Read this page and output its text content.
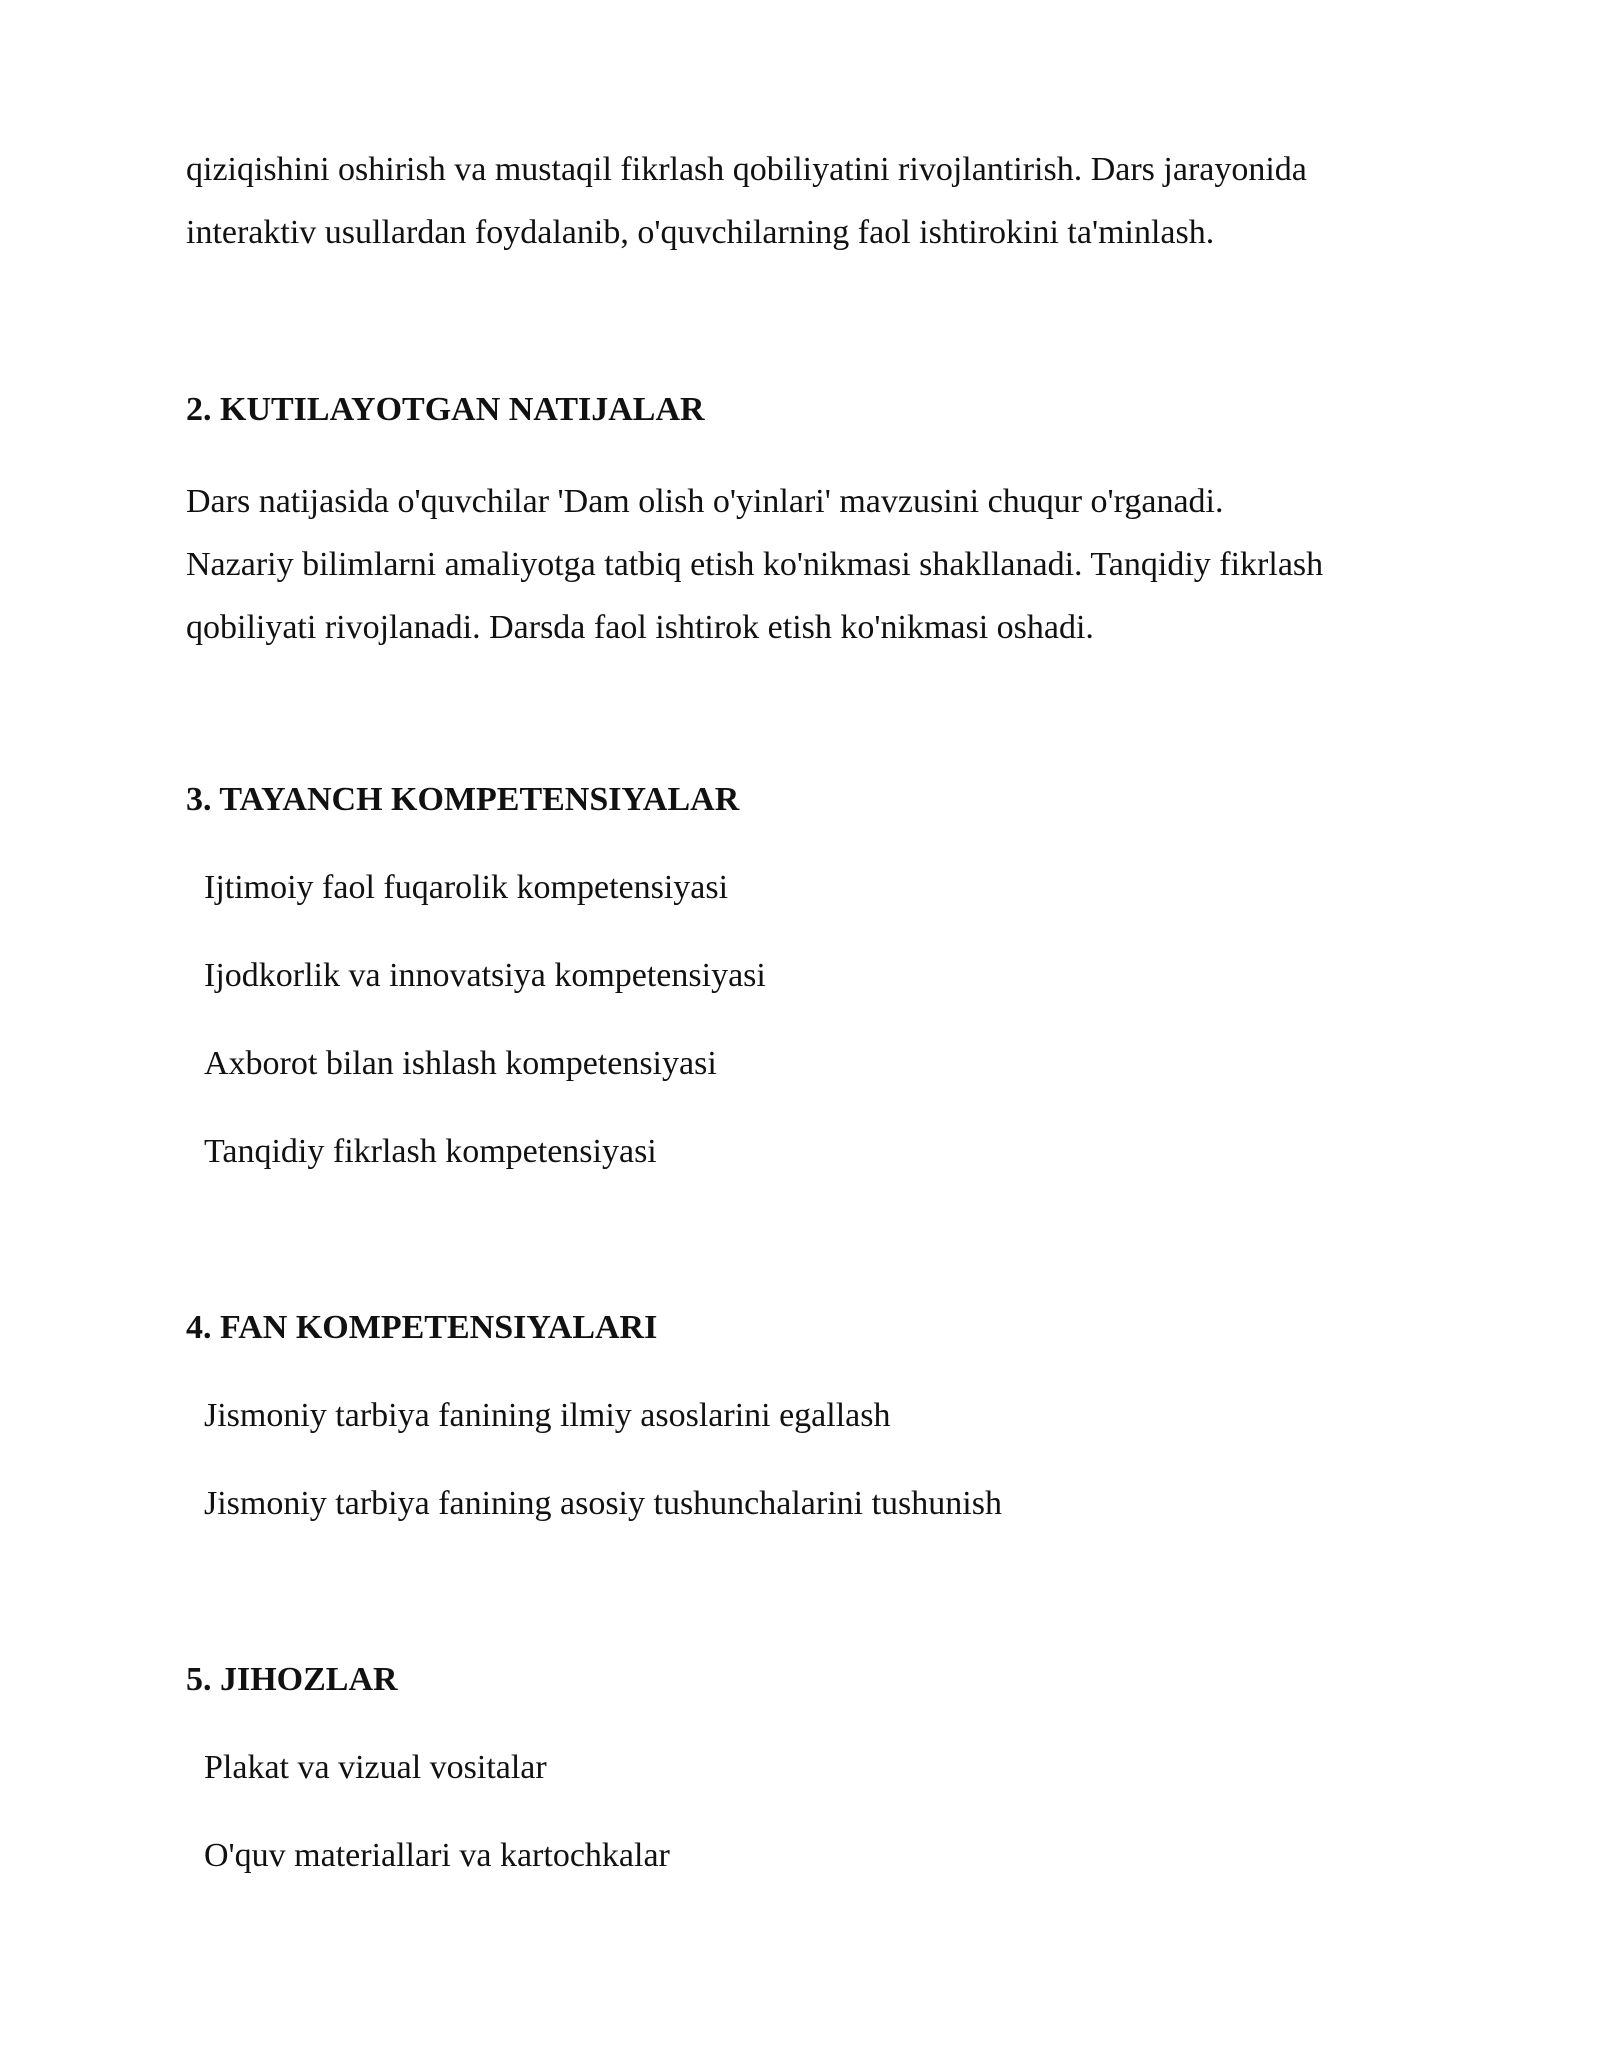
qiziqishini oshirish va mustaqil fikrlash qobiliyatini rivojlantirish. Dars jarayonida

interaktiv usullardan foydalanib, o'quvchilarning faol ishtirokini ta'minlash.

2. KUTILAYOTGAN NATIJALAR

Dars natijasida o'quvchilar 'Dam olish o'yinlari' mavzusini chuqur o'rganadi.

Nazariy bilimlarni amaliyotga tatbiq etish ko'nikmasi shakllanadi. Tanqidiy fikrlash

qobiliyati rivojlanadi. Darsda faol ishtirok etish ko'nikmasi oshadi.

3. TAYANCH KOMPETENSIYALAR

Ijtimoiy faol fuqarolik kompetensiyasi

Ijodkorlik va innovatsiya kompetensiyasi

Axborot bilan ishlash kompetensiyasi

Tanqidiy fikrlash kompetensiyasi

4. FAN KOMPETENSIYALARI

Jismoniy tarbiya fanining ilmiy asoslarini egallash

Jismoniy tarbiya fanining asosiy tushunchalarini tushunish

5. JIHOZLAR

Plakat va vizual vositalar

O'quv materiallari va kartochkalar
